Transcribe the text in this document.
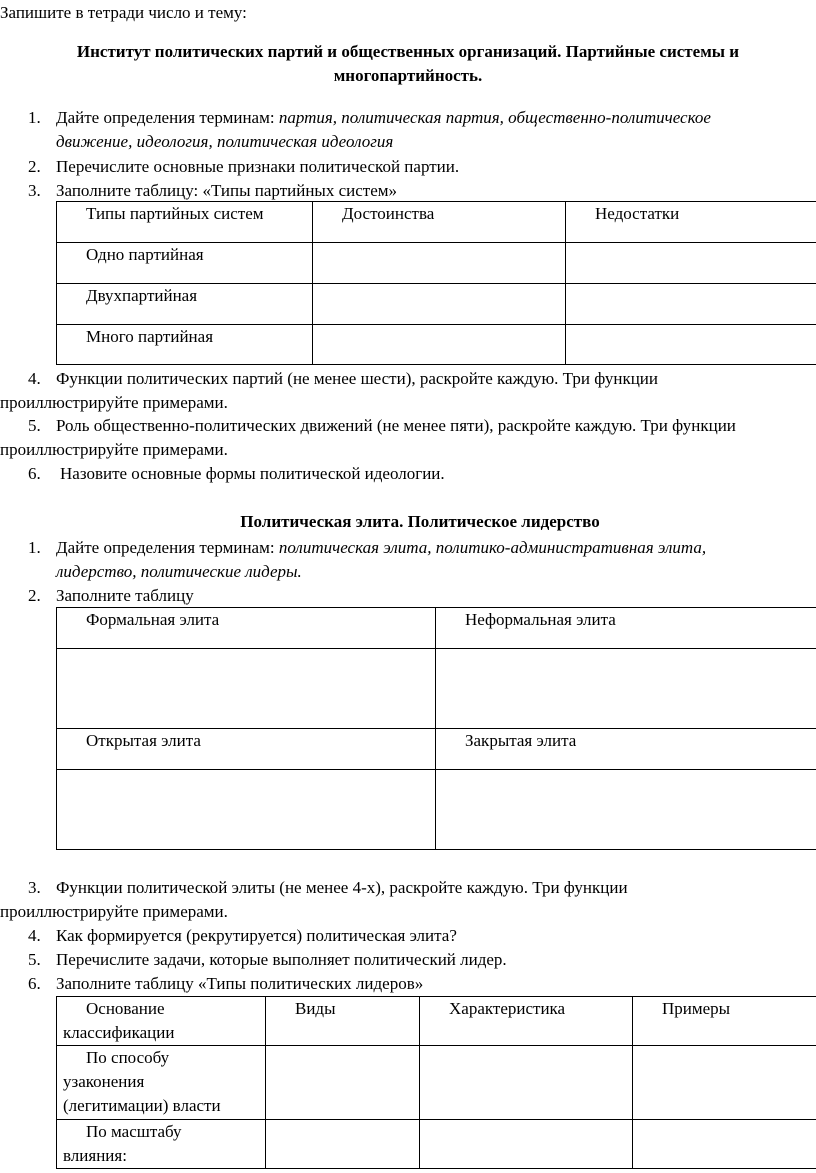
Запишите в тетради число и тему:
Институт политических партий и общественных организаций. Партийные системы и
многопартийность.
1. Дайте определения терминам: партия, политическая партия, общественно-политическое
движение, идеология, политическая идеология
2. Перечислите основные признаки политической партии.
3. Заполните таблицу: «Типы партийных систем»
Типы партийных систем	Достоинства	Недостатки

Одно партийная		

Двухпартийная		

Много партийная		

4. Функции политических партий (не менее шести), раскройте каждую. Три функции
проиллюстрируйте примерами.
5. Роль общественно-политических движений (не менее пяти), раскройте каждую. Три функции
проиллюстрируйте примерами.
6. Назовите основные формы политической идеологии.
Политическая элита. Политическое лидерство
1. Дайте определения терминам: политическая элита, политико-административная элита,
лидерство, политические лидеры.
2. Заполните таблицу
Формальная элита	Неформальная элита

Открытая элита	Закрытая элита

3. Функции политической элиты (не менее 4-х), раскройте каждую. Три функции
проиллюстрируйте примерами.
4. Как формируется (рекрутируется) политическая элита?
5. Перечислите задачи, которые выполняет политический лидер.
6. Заполните таблицу «Типы политических лидеров»
Основание
классификации	Виды	Характеристика	Примеры

По способу
узаконения
(легитимации) власти			

По масштабу
влияния:			
